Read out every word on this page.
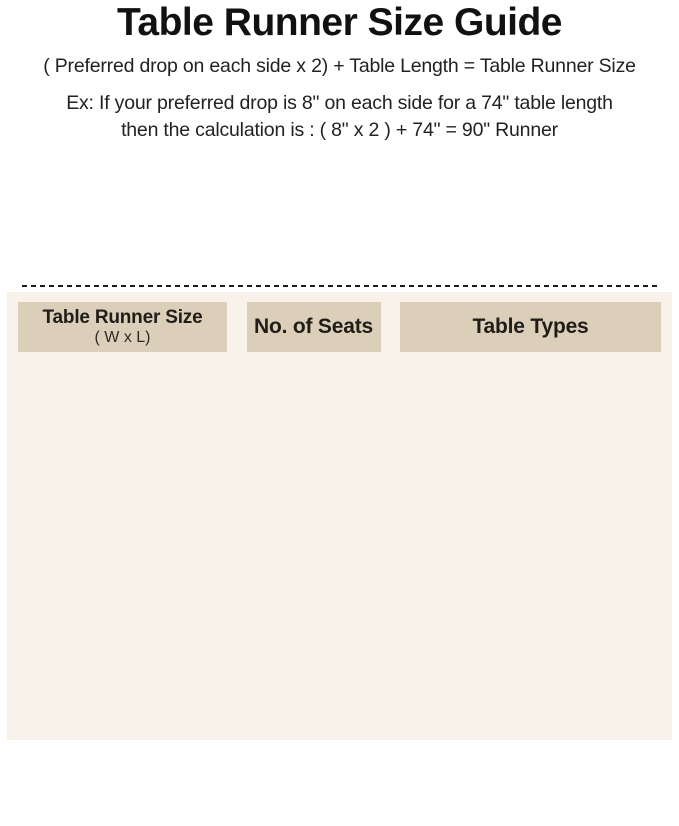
Table Runner Size Guide

( Preferred drop on each side x 2) + Table Length = Table Runner Size

Ex: If your preferred drop is 8" on each side for a 74" table length

then the calculation is : ( 8" x 2 ) + 74" = 90" Runner

Table Runner Size
( W x L)	No. of Seats	Table Types
